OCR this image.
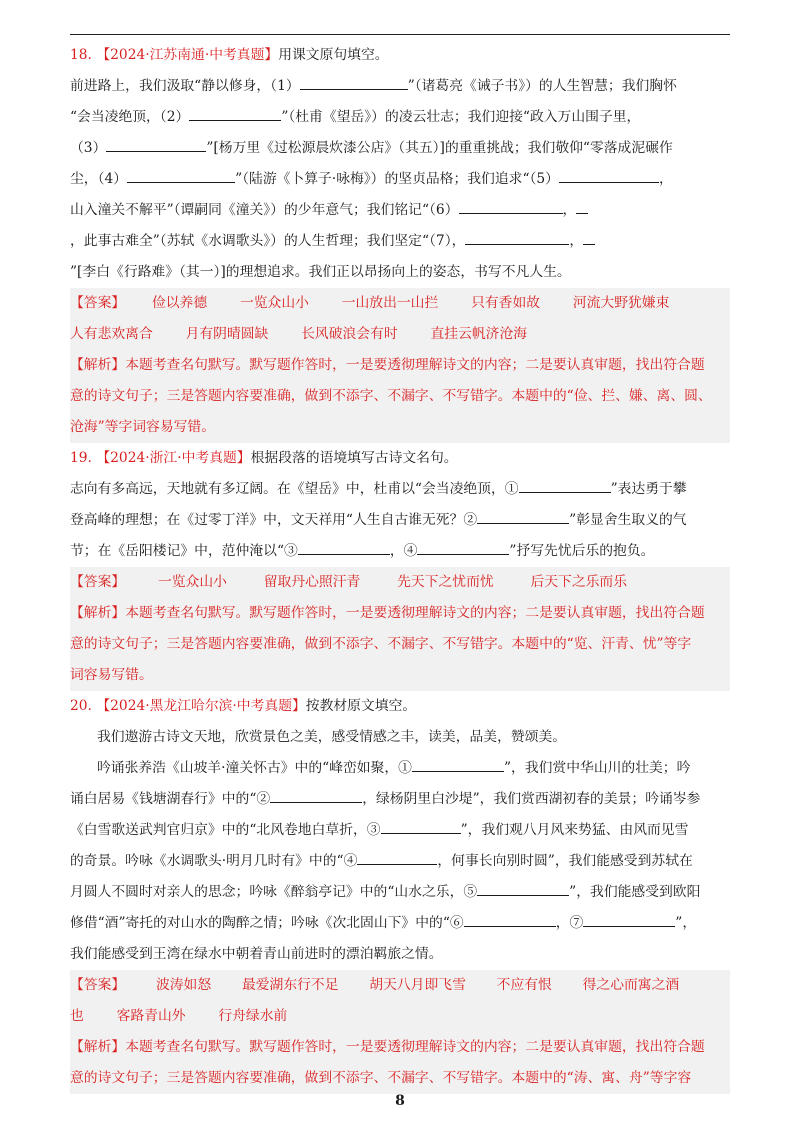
18. 【2024·江苏南通·中考真题】用课文原句填空。
前进路上，我们汲取“静以修身，（1）	”（诸葛亮《诫子书》）的人生智慧；我们胸怀
“会当凌绝顶，（2）	”（杜甫《望岳》）的凌云壮志；我们迎接“政入万山围子里，
（3）	”[杨万里《过松源晨炊漆公店》（其五）]的重重挑战；我们敬仰“零落成泥碾作
尘，（4）	”（陆游《卜算子·咏梅》）的坚贞品格；我们追求“（5）	，
山入潼关不解平”（谭嗣同《潼关》）的少年意气；我们铭记“（6）	，
，此事古难全”（苏轼《水调歌头》）的人生哲理；我们坚定“（7），	，
”[李白《行路难》（其一）]的理想追求。我们正以昂扬向上的姿态，书写不凡人生。
【答案】 俭以养德 一览众山小 一山放出一山拦 只有香如故 河流大野犹嫌束
人有悲欢离合 月有阴晴圆缺 长风破浪会有时 直挂云帆济沧海
【解析】本题考查名句默写。默写题作答时，一是要透彻理解诗文的内容；二是要认真审题，找出符合题
意的诗文句子；三是答题内容要准确，做到不添字、不漏字、不写错字。本题中的“俭、拦、嫌、离、圆、
沧海”等字词容易写错。
19. 【2024·浙江·中考真题】根据段落的语境填写古诗文名句。
志向有多高远，天地就有多辽阔。在《望岳》中，杜甫以“会当凌绝顶，①	”表达勇于攀
登高峰的理想；在《过零丁洋》中，文天祥用“人生自古谁无死？②	”彰显舍生取义的气
节；在《岳阳楼记》中，范仲淹以“③	，④	”抒写先忧后乐的抱负。
【答案】 一览众山小	留取丹心照汗青	先天下之忧而忧	后天下之乐而乐
【解析】本题考查名句默写。默写题作答时，一是要透彻理解诗文的内容；二是要认真审题，找出符合题
意的诗文句子；三是答题内容要准确，做到不添字、不漏字、不写错字。本题中的“览、汗青、忧”等字
词容易写错。
20. 【2024·黑龙江哈尔滨·中考真题】按教材原文填空。
我们遨游古诗文天地，欣赏景色之美，感受情感之丰，读美，品美，赞颂美。
吟诵张养浩《山坡羊·潼关怀古》中的“峰峦如聚，①	”，我们赏中华山川的壮美；吟
诵白居易《钱塘湖春行》中的“②	，绿杨阴里白沙堤”，我们赏西湖初春的美景；吟诵岑参
《白雪歌送武判官归京》中的“北风卷地白草折，③	”，我们观八月风来势猛、由风而见雪
的奇景。吟咏《水调歌头·明月几时有》中的“④	，何事长向别时圆”，我们能感受到苏轼在
月圆人不圆时对亲人的思念；吟咏《醉翁亭记》中的“山水之乐，⑤	”，我们能感受到欧阳
修借“酒”寄托的对山水的陶醉之情；吟咏《次北固山下》中的“⑥	，⑦	”，
我们能感受到王湾在绿水中朝着青山前进时的漂泊羁旅之情。
【答案】 波涛如怒 最爱湖东行不足 胡天八月即飞雪 不应有恨 得之心而寓之酒
也 客路青山外 行舟绿水前
【解析】本题考查名句默写。默写题作答时，一是要透彻理解诗文的内容；二是要认真审题，找出符合题
意的诗文句子；三是答题内容要准确，做到不添字、不漏字、不写错字。本题中的“涛、寓、舟”等字容
8
